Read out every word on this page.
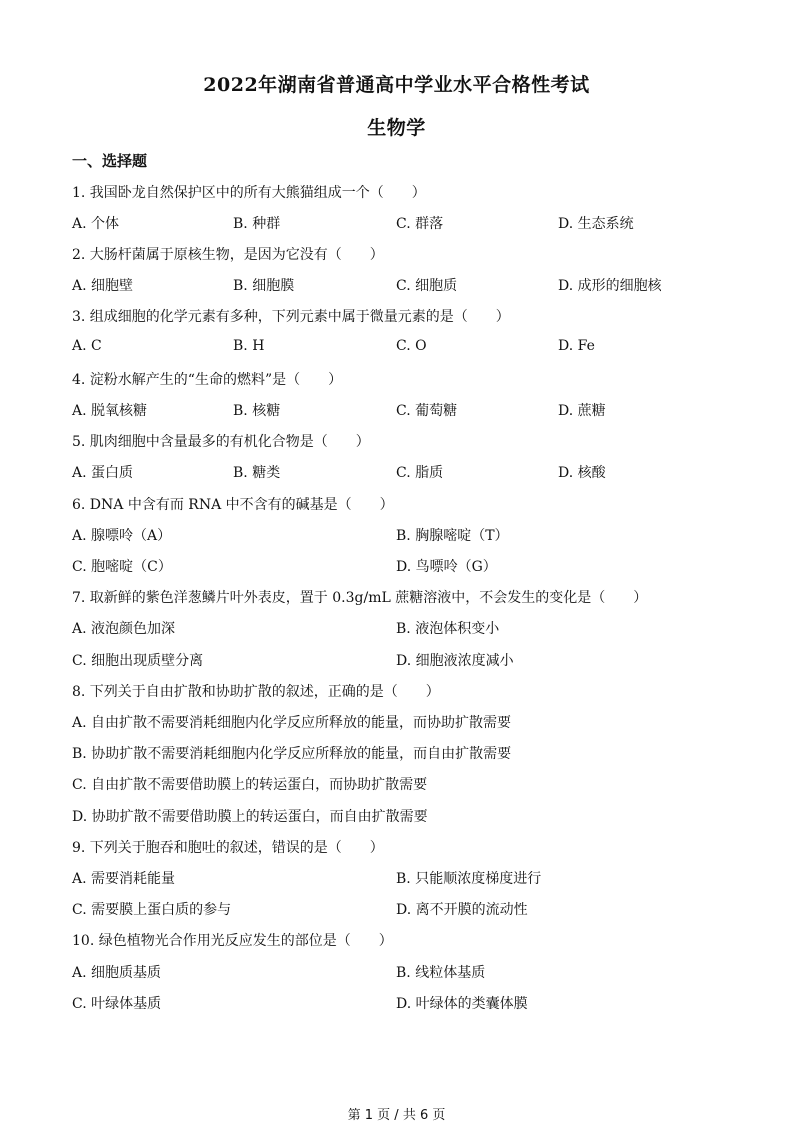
2022年湖南省普通高中学业水平合格性考试
生物学
一、选择题
1. 我国卧龙自然保护区中的所有大熊猫组成一个（　　）
A. 个体	B. 种群	C. 群落	D. 生态系统
2. 大肠杆菌属于原核生物，是因为它没有（　　）
A. 细胞壁	B. 细胞膜	C. 细胞质	D. 成形的细胞核
3. 组成细胞的化学元素有多种，下列元素中属于微量元素的是（　　）
A. C	B. H	C. O	D. Fe
4. 淀粉水解产生的“生命的燃料”是（　　）
A. 脱氧核糖	B. 核糖	C. 葡萄糖	D. 蔗糖
5. 肌肉细胞中含量最多的有机化合物是（　　）
A. 蛋白质	B. 糖类	C. 脂质	D. 核酸
6. DNA 中含有而 RNA 中不含有的碱基是（　　）
A. 腺嘌呤（A）	B. 胸腺嘧啶（T）
C. 胞嘧啶（C）	D. 鸟嘌呤（G）
7. 取新鲜的紫色洋葱鳞片叶外表皮，置于 0.3g/mL 蔗糖溶液中，不会发生的变化是（　　）
A. 液泡颜色加深	B. 液泡体积变小
C. 细胞出现质壁分离	D. 细胞液浓度减小
8. 下列关于自由扩散和协助扩散的叙述，正确的是（　　）
A. 自由扩散不需要消耗细胞内化学反应所释放的能量，而协助扩散需要
B. 协助扩散不需要消耗细胞内化学反应所释放的能量，而自由扩散需要
C. 自由扩散不需要借助膜上的转运蛋白，而协助扩散需要
D. 协助扩散不需要借助膜上的转运蛋白，而自由扩散需要
9. 下列关于胞吞和胞吐的叙述，错误的是（　　）
A. 需要消耗能量	B. 只能顺浓度梯度进行
C. 需要膜上蛋白质的参与	D. 离不开膜的流动性
10. 绿色植物光合作用光反应发生的部位是（　　）
A. 细胞质基质	B. 线粒体基质
C. 叶绿体基质	D. 叶绿体的类囊体膜
第 1 页 / 共 6 页
